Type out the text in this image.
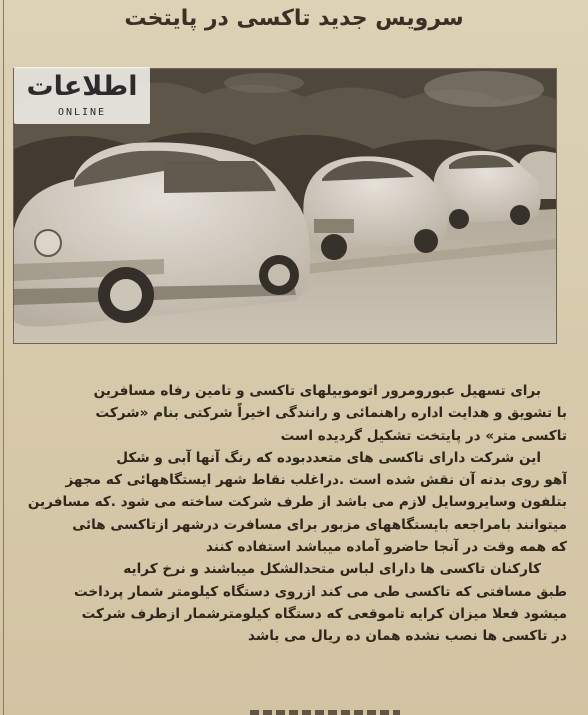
سرویس جدید تاکسی در پایتخت
اطلاعات
ONLINE
برای تسهیل عبورومرور اتوموبیلهای تاکسی و تامین رفاه مسافرین
با تشویق و هدایت اداره راهنمائی و رانندگی اخیراً شرکتی بنام «شرکت
تاکسی متر» در پایتخت تشکیل گردیده است
این شرکت دارای تاکسی های متعددبوده که رنگ آنها آبی و شکل
آهو روی بدنه آن نقش شده است .دراغلب نقاط شهر ایستگاههائی که مجهز
بتلفون وسایروسایل لازم می باشد از طرف شرکت ساخته می شود .که مسافرین
میتوانند بامراجعه بایستگاههای مزبور برای مسافرت درشهر ازتاکسی هائی
که همه وقت در آنجا حاضرو آماده میباشد استفاده کنند
کارکنان تاکسی ها دارای لباس متحدالشکل میباشند و نرخ کرایه
طبق مسافتی که تاکسی طی می کند ازروی دستگاه کیلومتر شمار پرداخت
میشود فعلا میزان کرایه تاموقعی که دستگاه کیلومترشمار ازطرف شرکت
در تاکسی ها نصب نشده همان ده ریال می باشد
